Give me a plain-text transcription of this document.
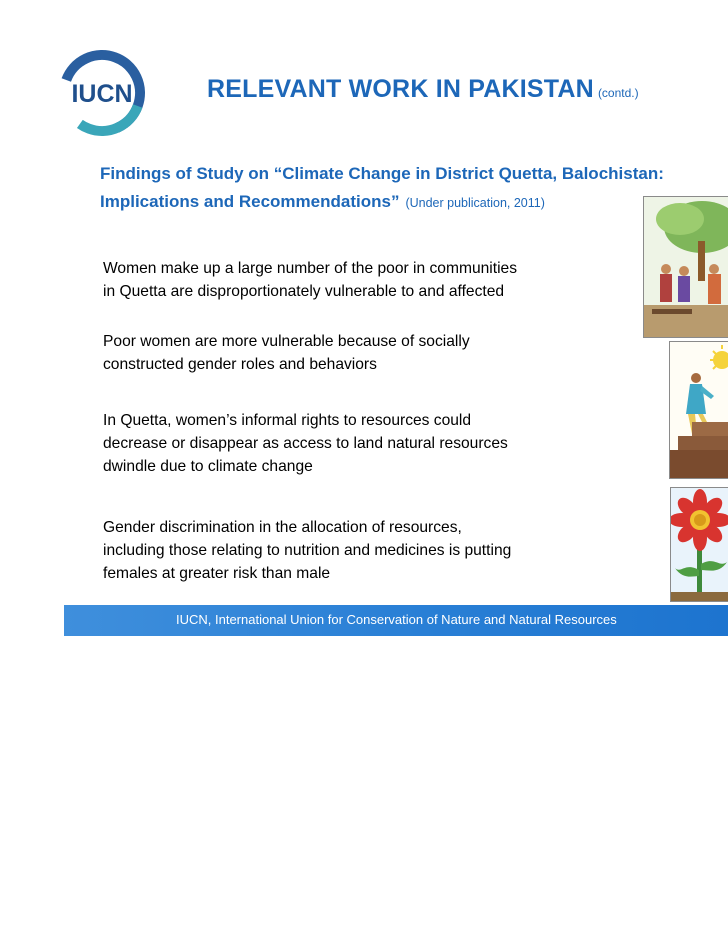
IUCN	RELEVANT WORK IN PAKISTAN (contd.)
Findings of Study on “Climate Change in District Quetta, Balochistan:
Implications and Recommendations” (Under publication, 2011)
Women make up a large number of the poor in communities
in Quetta are disproportionately vulnerable to and affected
Poor women are more vulnerable because of socially
constructed gender roles and behaviors
In Quetta, women’s informal rights to resources could
decrease or disappear as access to land natural resources
dwindle due to climate change
Gender discrimination in the allocation of resources,
including those relating to nutrition and medicines is putting
females at greater risk than male
IUCN, International Union for Conservation of Nature and Natural Resources
